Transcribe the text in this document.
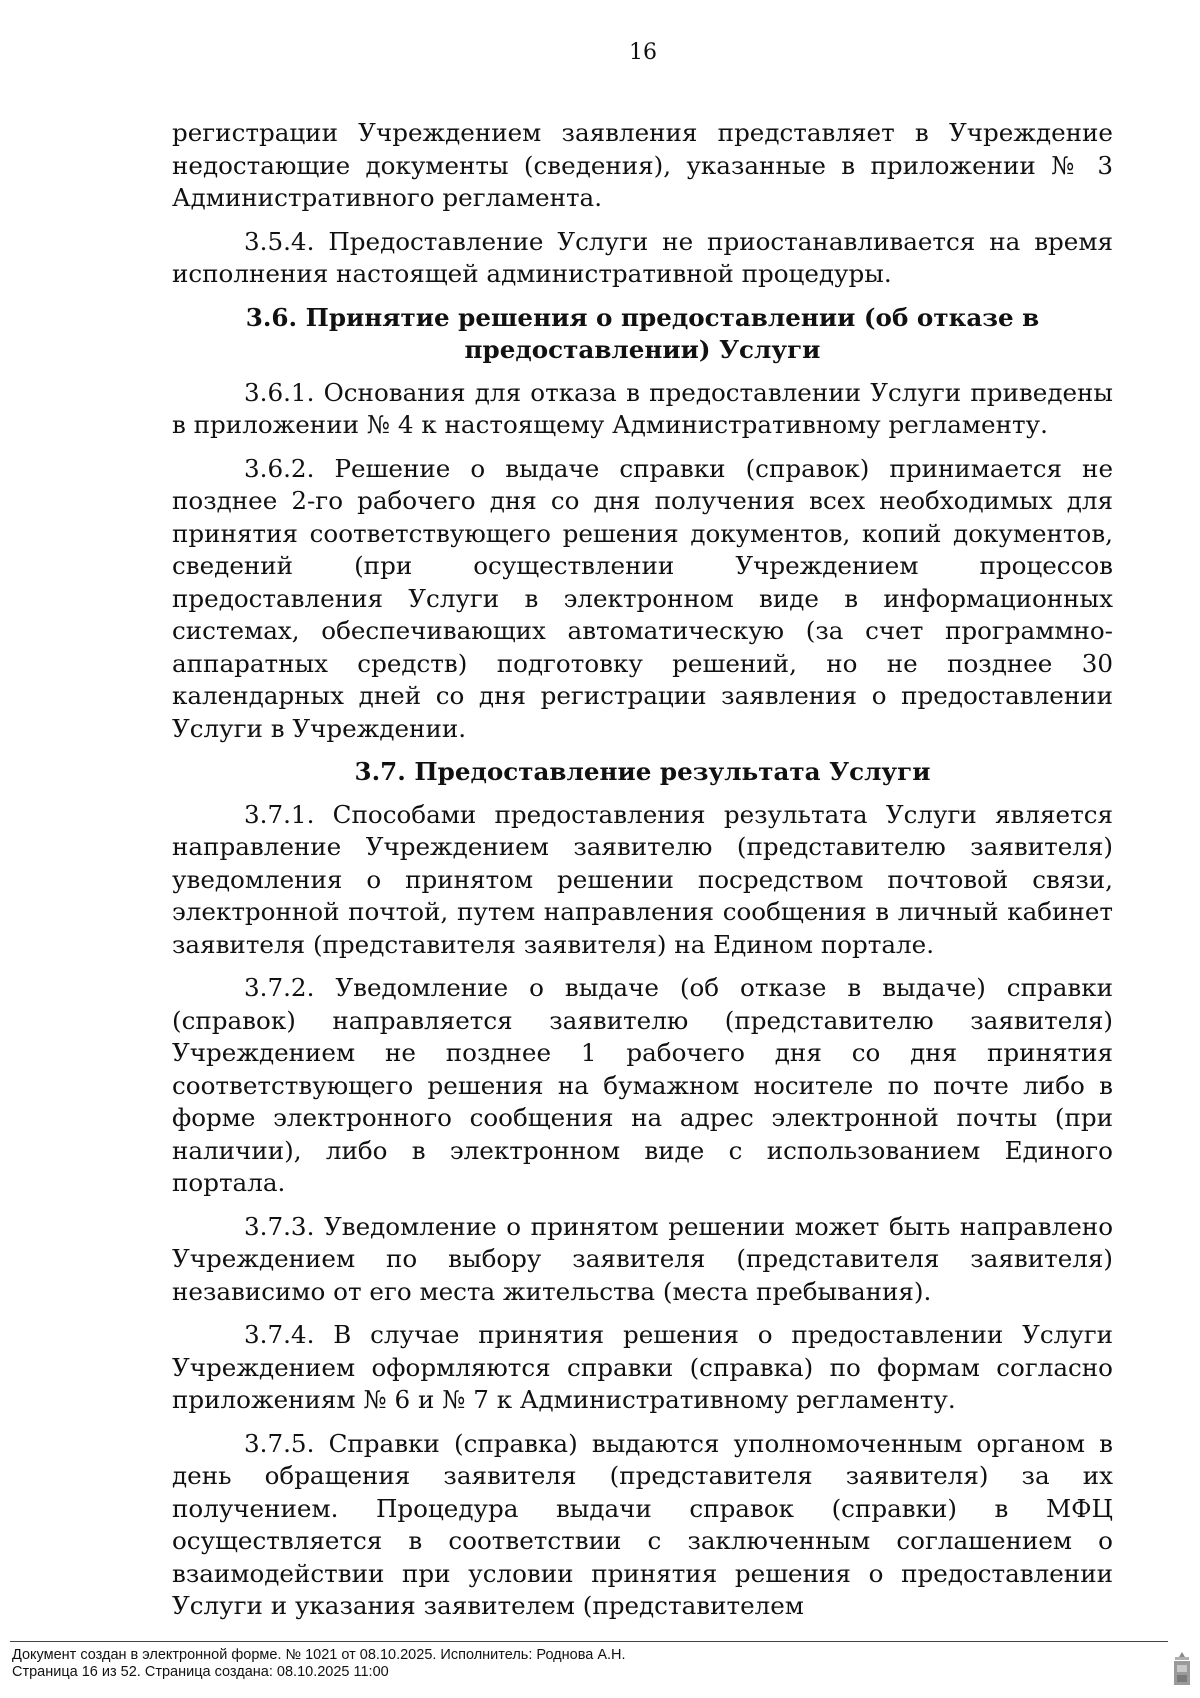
16

регистрации Учреждением заявления представляет в Учреждение недостающие документы (сведения), указанные в приложении № 3 Административного регламента.

3.5.4. Предоставление Услуги не приостанавливается на время исполнения настоящей административной процедуры.

3.6. Принятие решения о предоставлении (об отказе в предоставлении) Услуги

3.6.1. Основания для отказа в предоставлении Услуги приведены в приложении № 4 к настоящему Административному регламенту.

3.6.2. Решение о выдаче справки (справок) принимается не позднее 2-го рабочего дня со дня получения всех необходимых для принятия соответствующего решения документов, копий документов, сведений (при осуществлении Учреждением процессов предоставления Услуги в электронном виде в информационных системах, обеспечивающих автоматическую (за счет программно-аппаратных средств) подготовку решений, но не позднее 30 календарных дней со дня регистрации заявления о предоставлении Услуги в Учреждении.

3.7. Предоставление результата Услуги

3.7.1. Способами предоставления результата Услуги является направление Учреждением заявителю (представителю заявителя) уведомления о принятом решении посредством почтовой связи, электронной почтой, путем направления сообщения в личный кабинет заявителя (представителя заявителя) на Едином портале.

3.7.2. Уведомление о выдаче (об отказе в выдаче) справки (справок) направляется заявителю (представителю заявителя) Учреждением не позднее 1 рабочего дня со дня принятия соответствующего решения на бумажном носителе по почте либо в форме электронного сообщения на адрес электронной почты (при наличии), либо в электронном виде с использованием Единого портала.

3.7.3. Уведомление о принятом решении может быть направлено Учреждением по выбору заявителя (представителя заявителя) независимо от его места жительства (места пребывания).

3.7.4. В случае принятия решения о предоставлении Услуги Учреждением оформляются справки (справка) по формам согласно приложениям № 6 и № 7 к Административному регламенту.

3.7.5. Справки (справка) выдаются уполномоченным органом в день обращения заявителя (представителя заявителя) за их получением. Процедура выдачи справок (справки) в МФЦ осуществляется в соответствии с заключенным соглашением о взаимодействии при условии принятия решения о предоставлении Услуги и указания заявителем (представителем

Документ создан в электронной форме. № 1021 от 08.10.2025. Исполнитель: Роднова А.Н.
Страница 16 из 52. Страница создана: 08.10.2025 11:00
